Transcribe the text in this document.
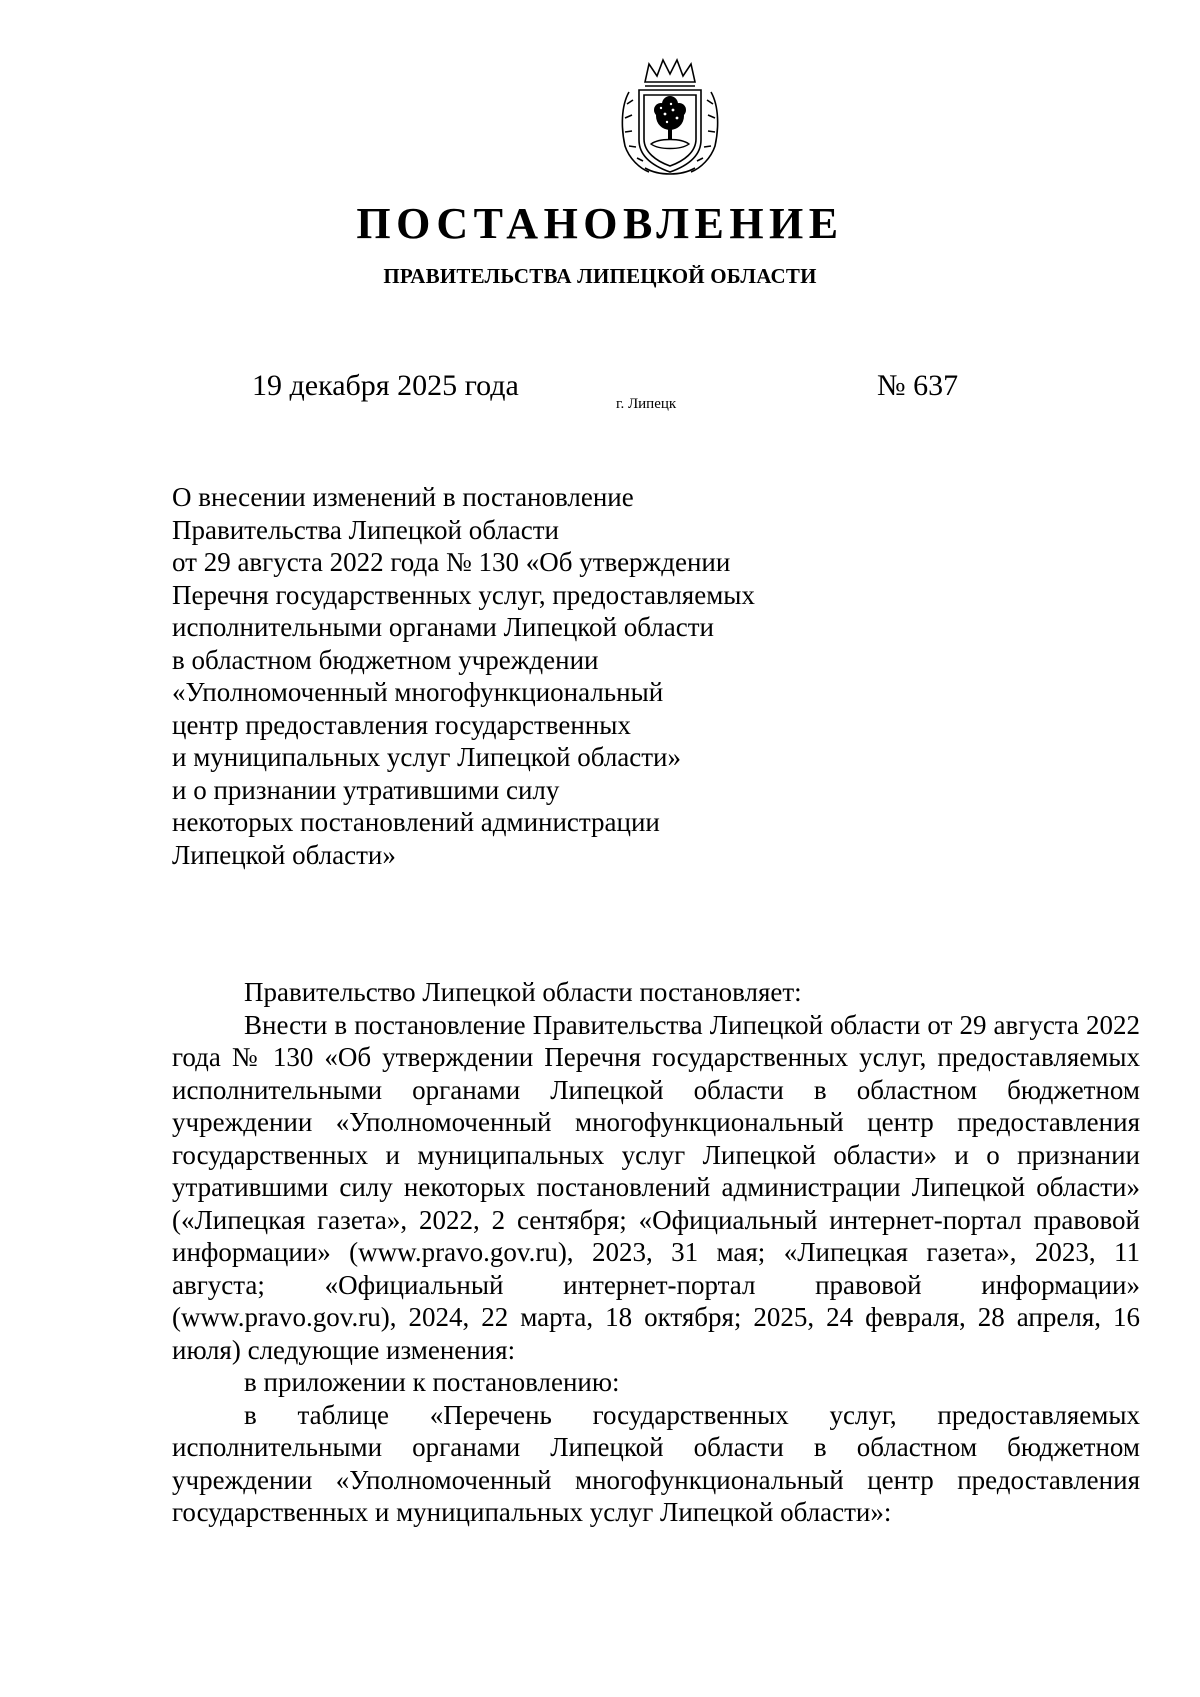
ПОСТАНОВЛЕНИЕ
ПРАВИТЕЛЬСТВА ЛИПЕЦКОЙ ОБЛАСТИ
19 декабря 2025 года
г. Липецк
№ 637
О внесении изменений в постановление
Правительства Липецкой области
от 29 августа 2022 года № 130 «Об утверждении
Перечня государственных услуг, предоставляемых
исполнительными органами Липецкой области
в областном бюджетном учреждении
«Уполномоченный многофункциональный
центр предоставления государственных
и муниципальных услуг Липецкой области»
и о признании утратившими силу
некоторых постановлений администрации
Липецкой области»

Правительство Липецкой области постановляет:

Внести в постановление Правительства Липецкой области от 29 августа 2022 года № 130 «Об утверждении Перечня государственных услуг, предоставляемых исполнительными органами Липецкой области в областном бюджетном учреждении «Уполномоченный многофункциональный центр предоставления государственных и муниципальных услуг Липецкой области» и о признании утратившими силу некоторых постановлений администрации Липецкой области» («Липецкая газета», 2022, 2 сентября; «Официальный интернет-портал правовой информации» (www.pravo.gov.ru), 2023, 31 мая; «Липецкая газета», 2023, 11 августа; «Официальный интернет-портал правовой информации» (www.pravo.gov.ru), 2024, 22 марта, 18 октября; 2025, 24 февраля, 28 апреля, 16 июля) следующие изменения:

в приложении к постановлению:

в таблице «Перечень государственных услуг, предоставляемых исполнительными органами Липецкой области в областном бюджетном учреждении «Уполномоченный многофункциональный центр предоставления государственных и муниципальных услуг Липецкой области»:
